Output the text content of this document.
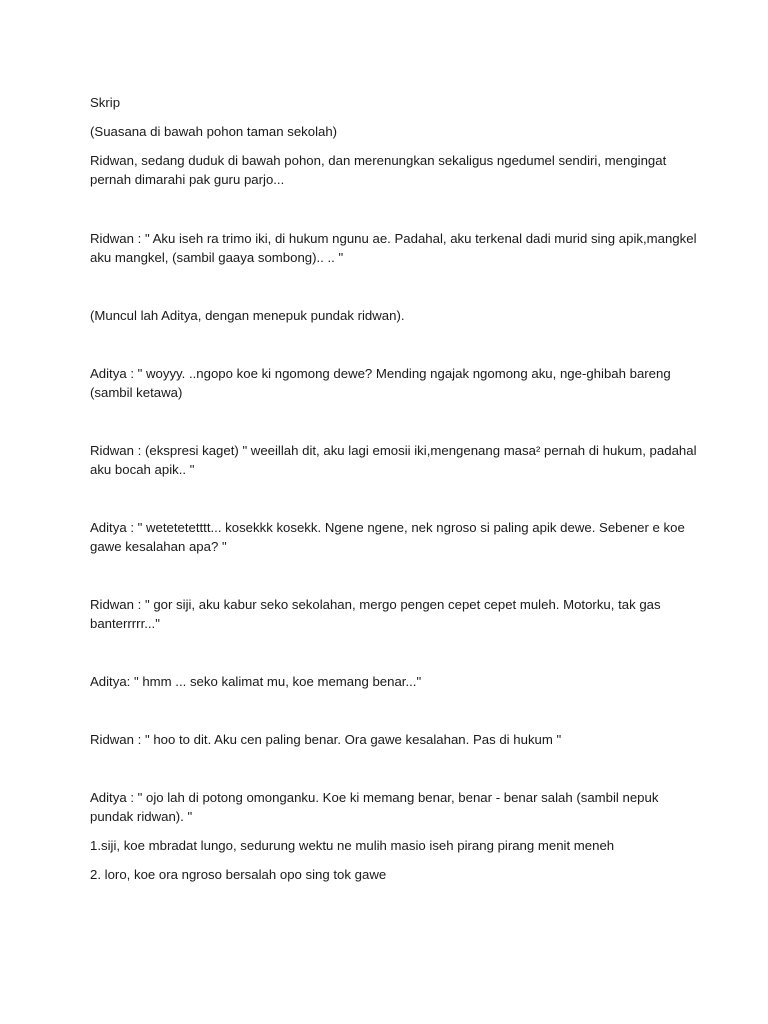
Skrip

(Suasana di bawah pohon taman sekolah)

Ridwan, sedang duduk di bawah pohon, dan merenungkan sekaligus ngedumel sendiri, mengingat

pernah dimarahi pak guru parjo...

Ridwan : " Aku iseh ra trimo iki, di hukum ngunu ae. Padahal, aku terkenal dadi murid sing apik,mangkel

aku mangkel, (sambil gaaya sombong).. .. "

(Muncul lah Aditya, dengan menepuk pundak ridwan).

Aditya : " woyyy. ..ngopo koe ki ngomong dewe? Mending ngajak ngomong aku, nge-ghibah bareng

(sambil ketawa)

Ridwan : (ekspresi kaget) " weeillah dit, aku lagi emosii iki,mengenang masa² pernah di hukum, padahal

aku bocah apik.. "

Aditya : " wetetetetttt... kosekkk kosekk. Ngene ngene, nek ngroso si paling apik dewe. Sebener e koe

gawe kesalahan apa? "

Ridwan : " gor siji, aku kabur seko sekolahan, mergo pengen cepet cepet muleh. Motorku, tak gas

banterrrrr..."

Aditya: " hmm ... seko kalimat mu, koe memang benar..."

Ridwan : " hoo to dit. Aku cen paling benar. Ora gawe kesalahan. Pas di hukum "

Aditya : " ojo lah di potong omonganku. Koe ki memang benar, benar - benar salah (sambil nepuk

pundak ridwan). "

1.siji, koe mbradat lungo, sedurung wektu ne mulih masio iseh pirang pirang menit meneh

2. loro, koe ora ngroso bersalah opo sing tok gawe
